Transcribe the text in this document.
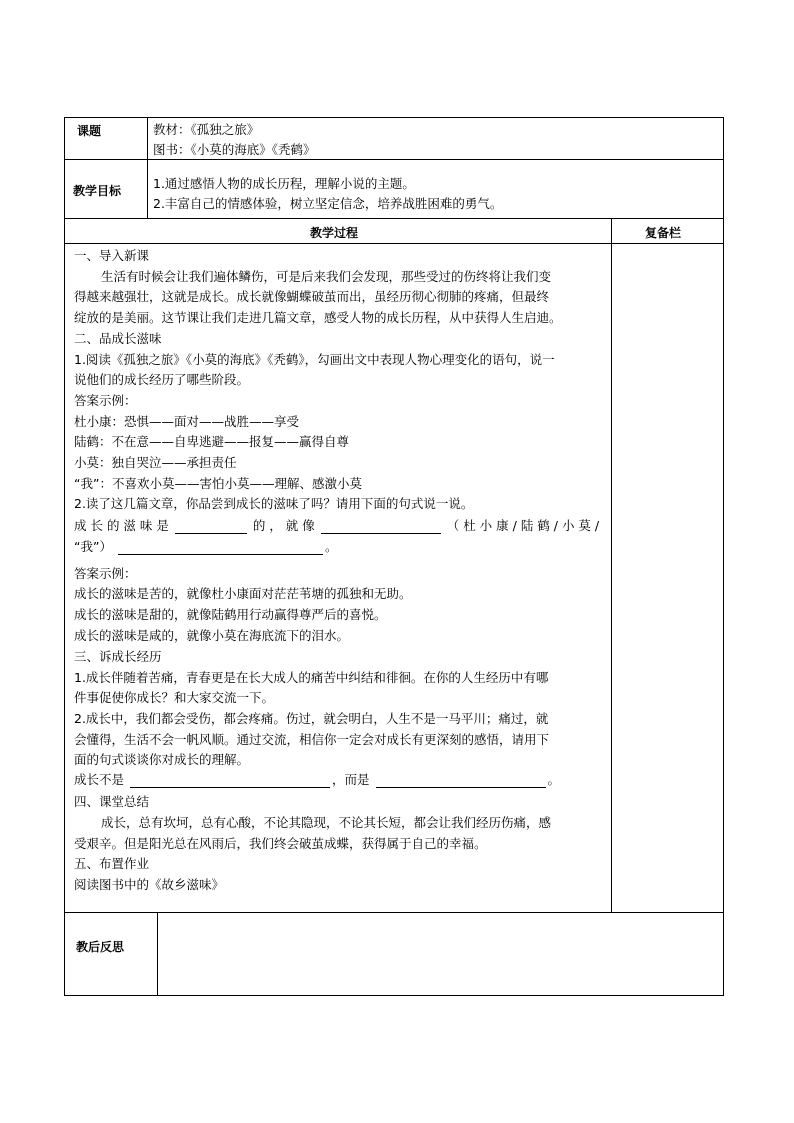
课题	教材：《孤独之旅》
图书：《小莫的海底》《秃鹤》
教学目标	1.通过感悟人物的成长历程，理解小说的主题。
2.丰富自己的情感体验，树立坚定信念，培养战胜困难的勇气。
教学过程	复备栏
一、导入新课
生活有时候会让我们遍体鳞伤，可是后来我们会发现，那些受过的伤终将让我们变
得越来越强壮，这就是成长。成长就像蝴蝶破茧而出，虽经历彻心彻肺的疼痛，但最终
绽放的是美丽。这节课让我们走进几篇文章，感受人物的成长历程，从中获得人生启迪。
二、品成长滋味
1.阅读《孤独之旅》《小莫的海底》《秃鹤》，勾画出文中表现人物心理变化的语句，说一
说他们的成长经历了哪些阶段。
答案示例：
杜小康：恐惧——面对——战胜——享受
陆鹤：不在意——自卑逃避——报复——赢得自尊
小莫：独自哭泣——承担责任
“我”：不喜欢小莫——害怕小莫——理解、感激小莫
2.读了这几篇文章，你品尝到成长的滋味了吗？请用下面的句式说一说。
成 长 的 滋 味 是	的 ， 就 像	（ 杜 小 康 / 陆 鹤 / 小 莫 /
“我”）	。
答案示例：
成长的滋味是苦的，就像杜小康面对茫茫苇塘的孤独和无助。
成长的滋味是甜的，就像陆鹤用行动赢得尊严后的喜悦。
成长的滋味是咸的，就像小莫在海底流下的泪水。
三、诉成长经历
1.成长伴随着苦痛，青春更是在长大成人的痛苦中纠结和徘徊。在你的人生经历中有哪
件事促使你成长？和大家交流一下。
2.成长中，我们都会受伤，都会疼痛。伤过，就会明白，人生不是一马平川；痛过，就
会懂得，生活不会一帆风顺。通过交流，相信你一定会对成长有更深刻的感悟，请用下
面的句式谈谈你对成长的理解。
成长不是	，而是	。
四、课堂总结
成长，总有坎坷，总有心酸，不论其隐现，不论其长短，都会让我们经历伤痛，感
受艰辛。但是阳光总在风雨后，我们终会破茧成蝶，获得属于自己的幸福。
五、布置作业
阅读图书中的《故乡滋味》
教后反思
